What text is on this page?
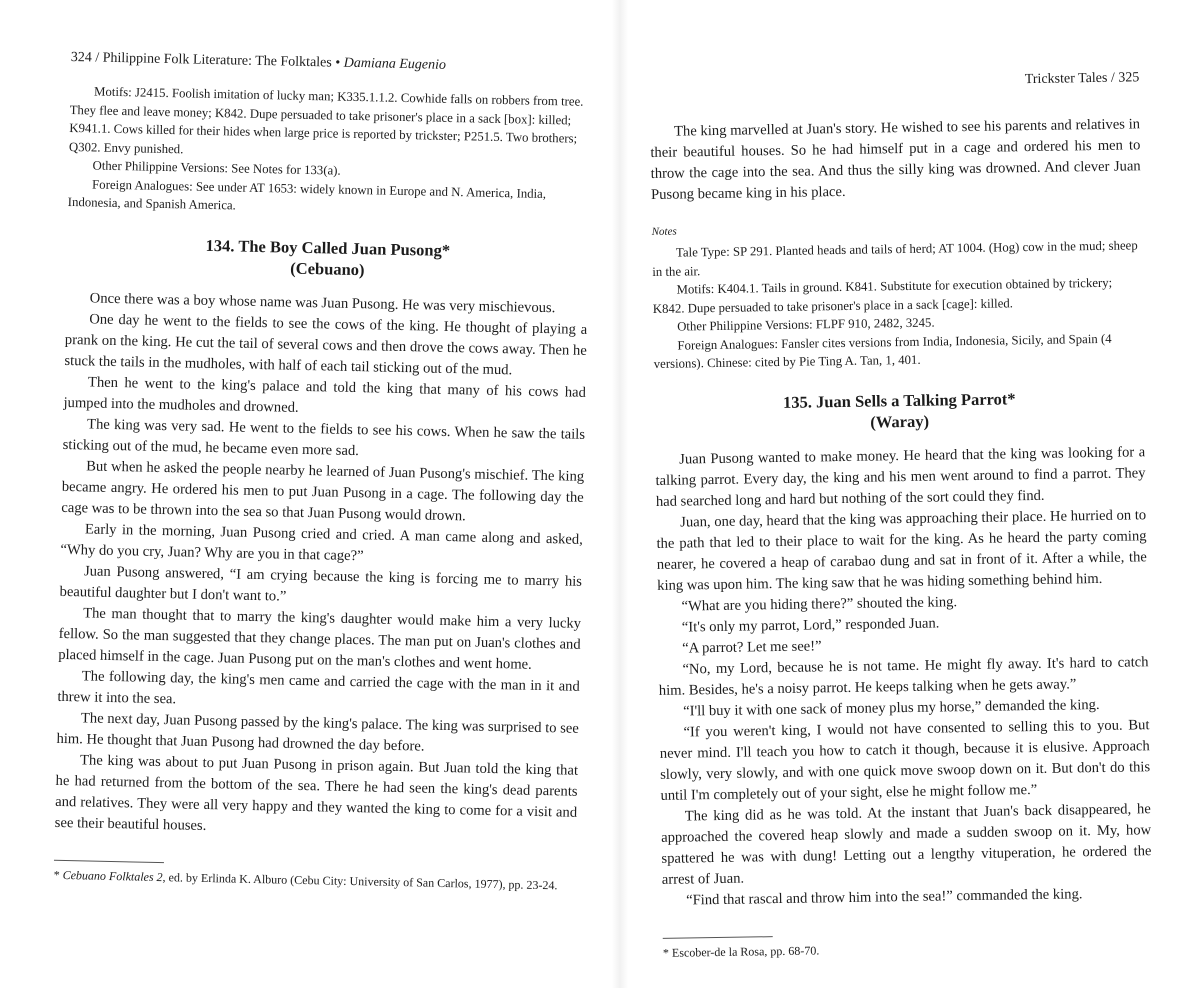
324 / Philippine Folk Literature: The Folktales • Damiana Eugenio

Motifs: J2415. Foolish imitation of lucky man; K335.1.1.2. Cowhide falls on robbers from tree. They flee and leave money; K842. Dupe persuaded to take prisoner's place in a sack [box]: killed; K941.1. Cows killed for their hides when large price is reported by trickster; P251.5. Two brothers; Q302. Envy punished.

Other Philippine Versions: See Notes for 133(a).

Foreign Analogues: See under AT 1653: widely known in Europe and N. America, India, Indonesia, and Spanish America.

134. The Boy Called Juan Pusong*
(Cebuano)

Once there was a boy whose name was Juan Pusong. He was very mischievous.

One day he went to the fields to see the cows of the king. He thought of playing a prank on the king. He cut the tail of several cows and then drove the cows away. Then he stuck the tails in the mudholes, with half of each tail sticking out of the mud.

Then he went to the king's palace and told the king that many of his cows had jumped into the mudholes and drowned.

The king was very sad. He went to the fields to see his cows. When he saw the tails sticking out of the mud, he became even more sad.

But when he asked the people nearby he learned of Juan Pusong's mischief. The king became angry. He ordered his men to put Juan Pusong in a cage. The following day the cage was to be thrown into the sea so that Juan Pusong would drown.

Early in the morning, Juan Pusong cried and cried. A man came along and asked, “Why do you cry, Juan? Why are you in that cage?”

Juan Pusong answered, “I am crying because the king is forcing me to marry his beautiful daughter but I don't want to.”

The man thought that to marry the king's daughter would make him a very lucky fellow. So the man suggested that they change places. The man put on Juan's clothes and placed himself in the cage. Juan Pusong put on the man's clothes and went home.

The following day, the king's men came and carried the cage with the man in it and threw it into the sea.

The next day, Juan Pusong passed by the king's palace. The king was surprised to see him. He thought that Juan Pusong had drowned the day before.

The king was about to put Juan Pusong in prison again. But Juan told the king that he had returned from the bottom of the sea. There he had seen the king's dead parents and relatives. They were all very happy and they wanted the king to come for a visit and see their beautiful houses.

* Cebuano Folktales 2, ed. by Erlinda K. Alburo (Cebu City: University of San Carlos, 1977), pp. 23-24.

Trickster Tales / 325

The king marvelled at Juan's story. He wished to see his parents and relatives in their beautiful houses. So he had himself put in a cage and ordered his men to throw the cage into the sea. And thus the silly king was drowned. And clever Juan Pusong became king in his place.

Notes

Tale Type: SP 291. Planted heads and tails of herd; AT 1004. (Hog) cow in the mud; sheep in the air.

Motifs: K404.1. Tails in ground. K841. Substitute for execution obtained by trickery; K842. Dupe persuaded to take prisoner's place in a sack [cage]: killed.

Other Philippine Versions: FLPF 910, 2482, 3245.

Foreign Analogues: Fansler cites versions from India, Indonesia, Sicily, and Spain (4 versions). Chinese: cited by Pie Ting A. Tan, 1, 401.

135. Juan Sells a Talking Parrot*
(Waray)

Juan Pusong wanted to make money. He heard that the king was looking for a talking parrot. Every day, the king and his men went around to find a parrot. They had searched long and hard but nothing of the sort could they find.

Juan, one day, heard that the king was approaching their place. He hurried on to the path that led to their place to wait for the king. As he heard the party coming nearer, he covered a heap of carabao dung and sat in front of it. After a while, the king was upon him. The king saw that he was hiding something behind him.

“What are you hiding there?” shouted the king.

“It's only my parrot, Lord,” responded Juan.

“A parrot? Let me see!”

“No, my Lord, because he is not tame. He might fly away. It's hard to catch him. Besides, he's a noisy parrot. He keeps talking when he gets away.”

“I'll buy it with one sack of money plus my horse,” demanded the king.

“If you weren't king, I would not have consented to selling this to you. But never mind. I'll teach you how to catch it though, because it is elusive. Approach slowly, very slowly, and with one quick move swoop down on it. But don't do this until I'm completely out of your sight, else he might follow me.”

The king did as he was told. At the instant that Juan's back disappeared, he approached the covered heap slowly and made a sudden swoop on it. My, how spattered he was with dung! Letting out a lengthy vituperation, he ordered the arrest of Juan.

“Find that rascal and throw him into the sea!” commanded the king.

* Escober-de la Rosa, pp. 68-70.
